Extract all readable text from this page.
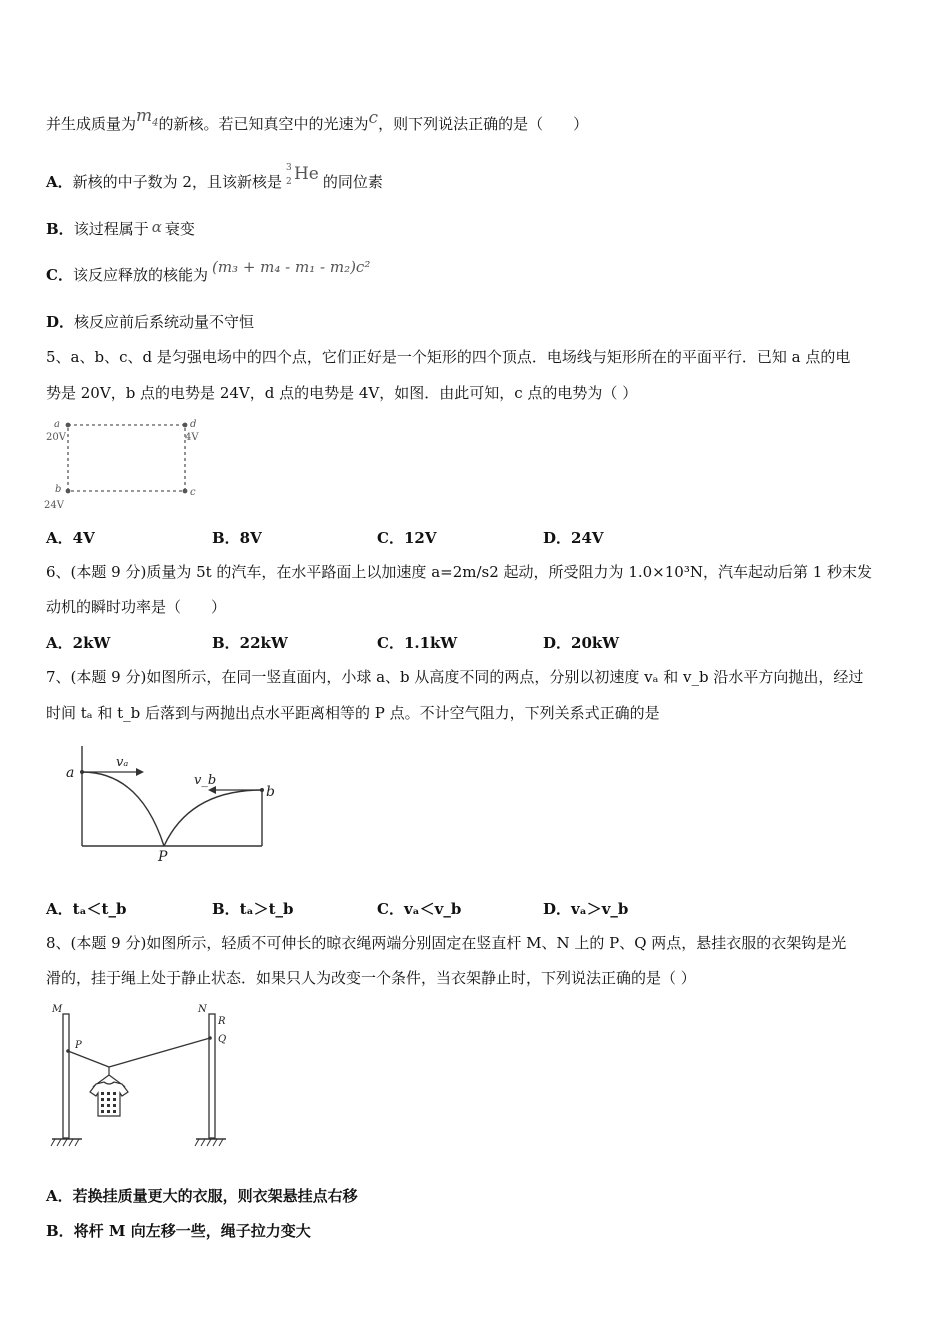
并生成质量为$m_4$的新核。若已知真空中的光速为c，则下列说法正确的是（　　）
A．新核的中子数为 2，且该新核是
3
2 He 的同位素
B．该过程属于 α 衰变
C．该反应释放的核能为 (m₃ + m₄ - m₁ - m₂)c²
D．核反应前后系统动量不守恒
5、a、b、c、d 是匀强电场中的四个点，它们正好是一个矩形的四个顶点．电场线与矩形所在的平面平行．已知 a 点的电
势是 20V，b 点的电势是 24V，d 点的电势是 4V，如图．由此可知，c 点的电势为（ ）
a
20V
d
4V
b
24V
c
A．4V	B．8V	C．12V	D．24V
6、(本题 9 分)质量为 5t 的汽车，在水平路面上以加速度 a=2m/s2 起动，所受阻力为 1.0×10³N，汽车起动后第 1 秒末发
动机的瞬时功率是（　　）
A．2kW	B．22kW	C．1.1kW	D．20kW
7、(本题 9 分)如图所示，在同一竖直面内，小球 a、b 从高度不同的两点，分别以初速度 vₐ 和 v_b 沿水平方向抛出，经过
时间 tₐ 和 t_b 后落到与两抛出点水平距离相等的 P 点。不计空气阻力，下列关系式正确的是
a
vₐ
v_b
b
P
A．tₐ＜t_b	B．tₐ＞t_b	C．vₐ＜v_b	D．vₐ＞v_b
8、(本题 9 分)如图所示，轻质不可伸长的晾衣绳两端分别固定在竖直杆 M、N 上的 P、Q 两点，悬挂衣服的衣架钩是光
滑的，挂于绳上处于静止状态．如果只人为改变一个条件，当衣架静止时，下列说法正确的是（ ）
M	N
P
R
Q
A．若换挂质量更大的衣服，则衣架悬挂点右移
B．将杆 M 向左移一些，绳子拉力变大
